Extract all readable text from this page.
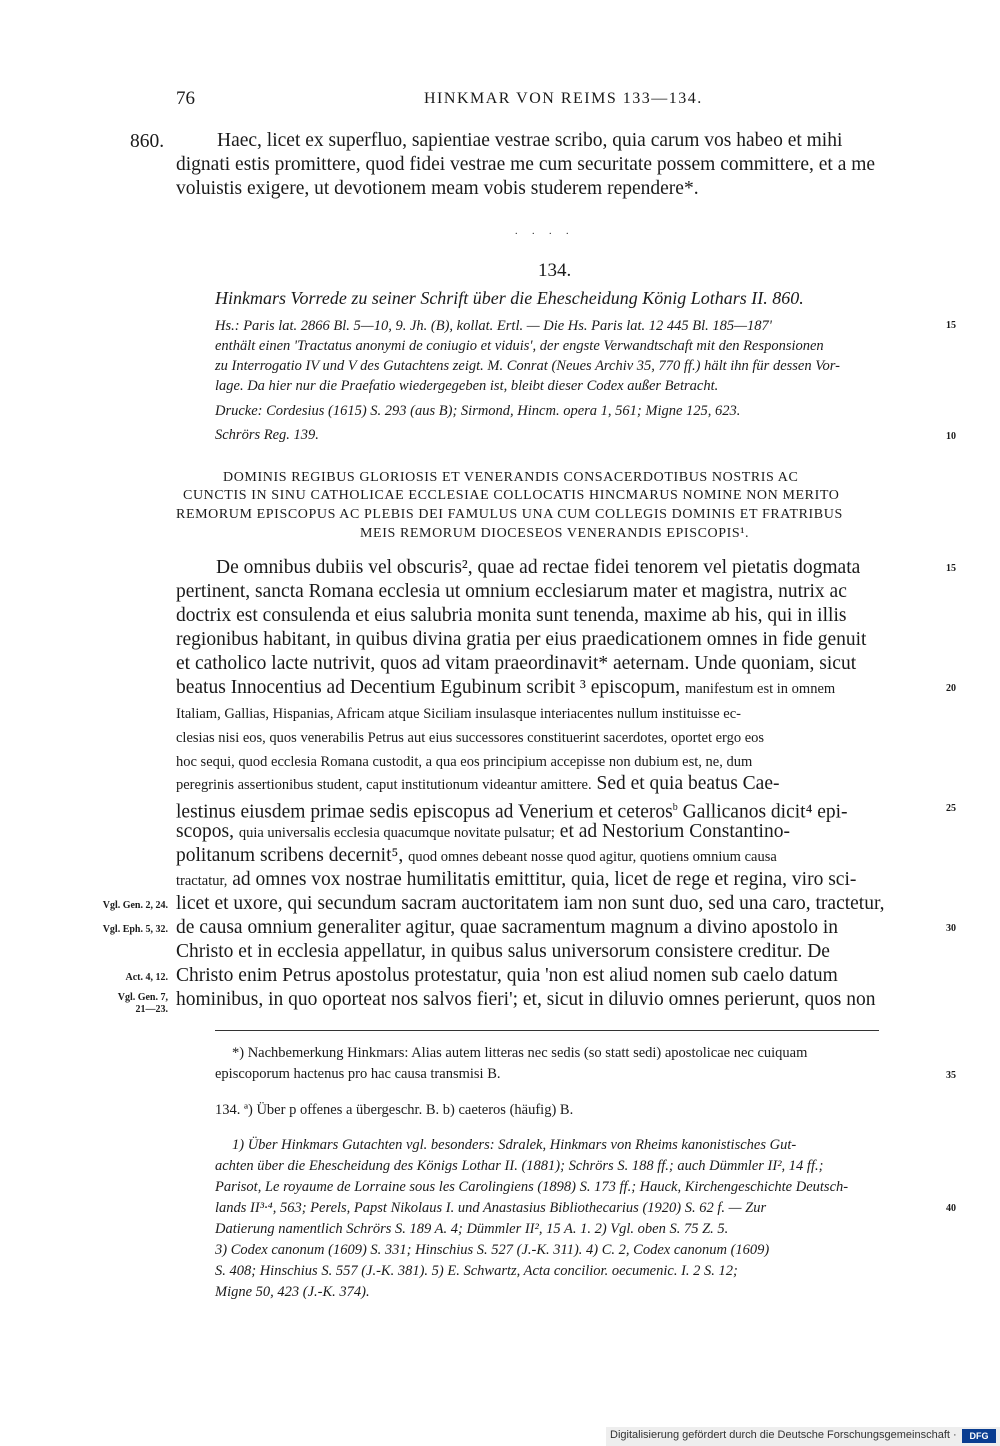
76	HINKMAR VON REIMS 133—134.
860.	Haec, licet ex superfluo, sapientiae vestrae scribo, quia carum vos habeo et mihi
dignati estis promittere, quod fidei vestrae me cum securitate possem committere, et a me
voluistis exigere, ut devotionem meam vobis studerem rependere*.
. . . .
134.
Hinkmars Vorrede zu seiner Schrift über die Ehescheidung König Lothars II. 860.
Hs.: Paris lat. 2866 Bl. 5—10, 9. Jh. (B), kollat. Ertl. — Die Hs. Paris lat. 12 445 Bl. 185—187'
enthält einen 'Tractatus anonymi de coniugio et viduis', der engste Verwandtschaft mit den Responsionen
zu Interrogatio IV und V des Gutachtens zeigt. M. Conrat (Neues Archiv 35, 770 ff.) hält ihn für dessen Vor-
lage. Da hier nur die Praefatio wiedergegeben ist, bleibt dieser Codex außer Betracht.
Drucke: Cordesius (1615) S. 293 (aus B); Sirmond, Hincm. opera 1, 561; Migne 125, 623.
Schrörs Reg. 139.
DOMINIS REGIBUS GLORIOSIS ET VENERANDIS CONSACERDOTIBUS NOSTRIS AC
CUNCTIS IN SINU CATHOLICAE ECCLESIAE COLLOCATIS HINCMARUS NOMINE NON MERITO
REMORUM EPISCOPUS AC PLEBIS DEI FAMULUS UNA CUM COLLEGIS DOMINIS ET FRATRIBUS
MEIS REMORUM DIOCESEOS VENERANDIS EPISCOPIS¹.
De omnibus dubiis vel obscuris², quae ad rectae fidei tenorem vel pietatis dogmata
pertinent, sancta Romana ecclesia ut omnium ecclesiarum mater et magistra, nutrix ac
doctrix est consulenda et eius salubria monita sunt tenenda, maxime ab his, qui in illis
regionibus habitant, in quibus divina gratia per eius praedicationem omnes in fide genuit
et catholico lacte nutrivit, quos ad vitam praeordinavit* aeternam. Unde quoniam, sicut
beatus Innocentius ad Decentium Egubinum scribit ³ episcopum, manifestum est in omnem
Italiam, Gallias, Hispanias, Africam atque Siciliam insulasque interiacentes nullum instituisse ec-
clesias nisi eos, quos venerabilis Petrus aut eius successores constituerint sacerdotes, oportet ergo eos
hoc sequi, quod ecclesia Romana custodit, a qua eos principium accepisse non dubium est, ne, dum
peregrinis assertionibus student, caput institutionum videantur amittere. Sed et quia beatus Cae-
lestinus eiusdem primae sedis episcopus ad Venerium et ceteros$^b$ Gallicanos dicit⁴ epi-
scopos, quia universalis ecclesia quacumque novitate pulsatur; et ad Nestorium Constantino-
politanum scribens decernit⁵, quod omnes debeant nosse quod agitur, quotiens omnium causa
tractatur, ad omnes vox nostrae humilitatis emittitur, quia, licet de rege et regina, viro sci-
licet et uxore, qui secundum sacram auctoritatem iam non sunt duo, sed una caro, tractetur,
de causa omnium generaliter agitur, quae sacramentum magnum a divino apostolo in
Christo et in ecclesia appellatur, in quibus salus universorum consistere creditur. De
Christo enim Petrus apostolus protestatur, quia 'non est aliud nomen sub caelo datum
hominibus, in quo oporteat nos salvos fieri'; et, sicut in diluvio omnes perierunt, quos non
15
10
15
20
25
30
35
40
Vgl. Gen. 2, 24.
Vgl. Eph. 5, 32.
Act. 4, 12.
Vgl. Gen. 7,
21—23.
*) Nachbemerkung Hinkmars: Alias autem litteras nec sedis (so statt sedi) apostolicae nec cuiquam
episcoporum hactenus pro hac causa transmisi B.
134. ª) Über p offenes a übergeschr. B. b) caeteros (häufig) B.
1) Über Hinkmars Gutachten vgl. besonders: Sdralek, Hinkmars von Rheims kanonistisches Gut-
achten über die Ehescheidung des Königs Lothar II. (1881); Schrörs S. 188 ff.; auch Dümmler II², 14 ff.;
Parisot, Le royaume de Lorraine sous les Carolingiens (1898) S. 173 ff.; Hauck, Kirchengeschichte Deutsch-
lands II³·⁴, 563; Perels, Papst Nikolaus I. und Anastasius Bibliothecarius (1920) S. 62 f. — Zur
Datierung namentlich Schrörs S. 189 A. 4; Dümmler II², 15 A. 1. 2) Vgl. oben S. 75 Z. 5.
3) Codex canonum (1609) S. 331; Hinschius S. 527 (J.-K. 311). 4) C. 2, Codex canonum (1609)
S. 408; Hinschius S. 557 (J.-K. 381). 5) E. Schwartz, Acta concilior. oecumenic. I. 2 S. 12;
Migne 50, 423 (J.-K. 374).
Digitalisierung gefördert durch die Deutsche Forschungsgemeinschaft ·	DFG
